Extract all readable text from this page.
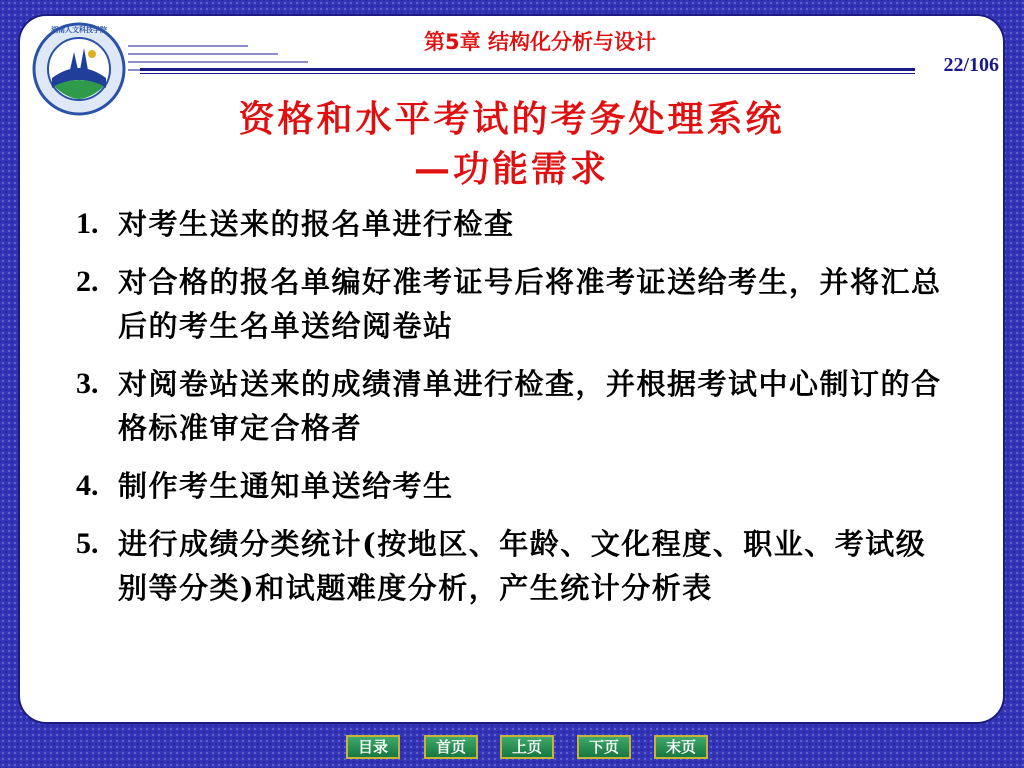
湖南人文科技学院	第5章 结构化分析与设计
22/106
资格和水平考试的考务处理系统
—功能需求
1. 对考生送来的报名单进行检查
2. 对合格的报名单编好准考证号后将准考证送给考生，并将汇总后的考生名单送给阅卷站
3. 对阅卷站送来的成绩清单进行检查，并根据考试中心制订的合格标准审定合格者
4. 制作考生通知单送给考生
5. 进行成绩分类统计(按地区、年龄、文化程度、职业、考试级别等分类)和试题难度分析，产生统计分析表
目录	首页	上页	下页	末页
